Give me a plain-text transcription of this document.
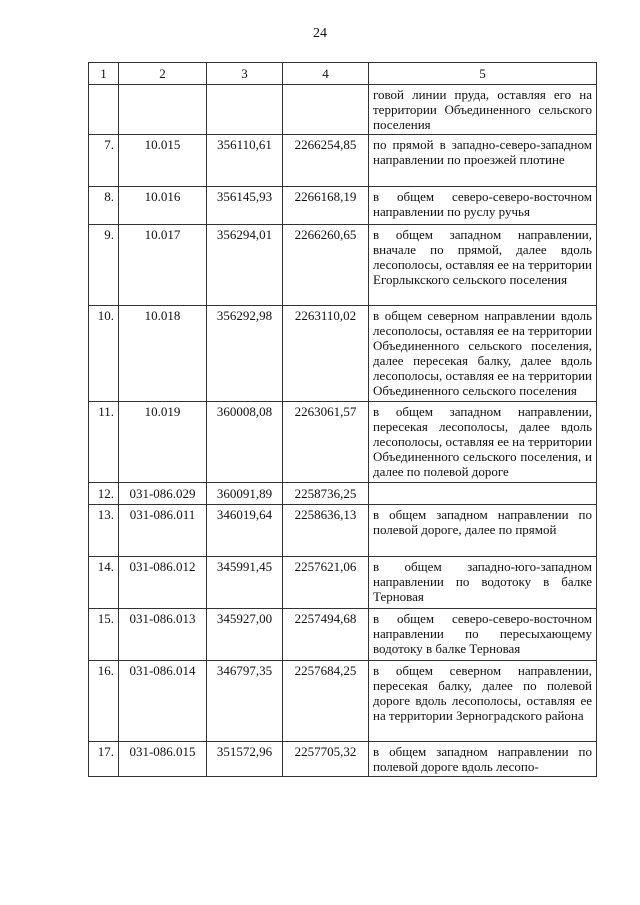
24
1	2	3	4	5
				говой линии пруда, оставляя его на территории Объединенного сельского поселения
7.	10.015	356110,61	2266254,85	по прямой в западно-северо-западном направлении по проезжей плотине
8.	10.016	356145,93	2266168,19	в общем северо-северо-восточном направлении по руслу ручья
9.	10.017	356294,01	2266260,65	в общем западном направлении, вначале по прямой, далее вдоль лесополосы, оставляя ее на территории Егорлыкского сельского поселения
10.	10.018	356292,98	2263110,02	в общем северном направлении вдоль лесополосы, оставляя ее на территории Объединенного сельского поселения, далее пересекая балку, далее вдоль лесополосы, оставляя ее на территории Объединенного сельского поселения
11.	10.019	360008,08	2263061,57	в общем западном направлении, пересекая лесополосы, далее вдоль лесополосы, оставляя ее на территории Объединенного сельского поселения, и далее по полевой дороге
12.	031-086.029	360091,89	2258736,25	
13.	031-086.011	346019,64	2258636,13	в общем западном направлении по полевой дороге, далее по прямой
14.	031-086.012	345991,45	2257621,06	в общем западно-юго-западном направлении по водотоку в балке Терновая
15.	031-086.013	345927,00	2257494,68	в общем северо-северо-восточном направлении по пересыхающему водотоку в балке Терновая
16.	031-086.014	346797,35	2257684,25	в общем северном направлении, пересекая балку, далее по полевой дороге вдоль лесополосы, оставляя ее на территории Зерноградского района
17.	031-086.015	351572,96	2257705,32	в общем западном направлении по полевой дороге вдоль лесопо-
